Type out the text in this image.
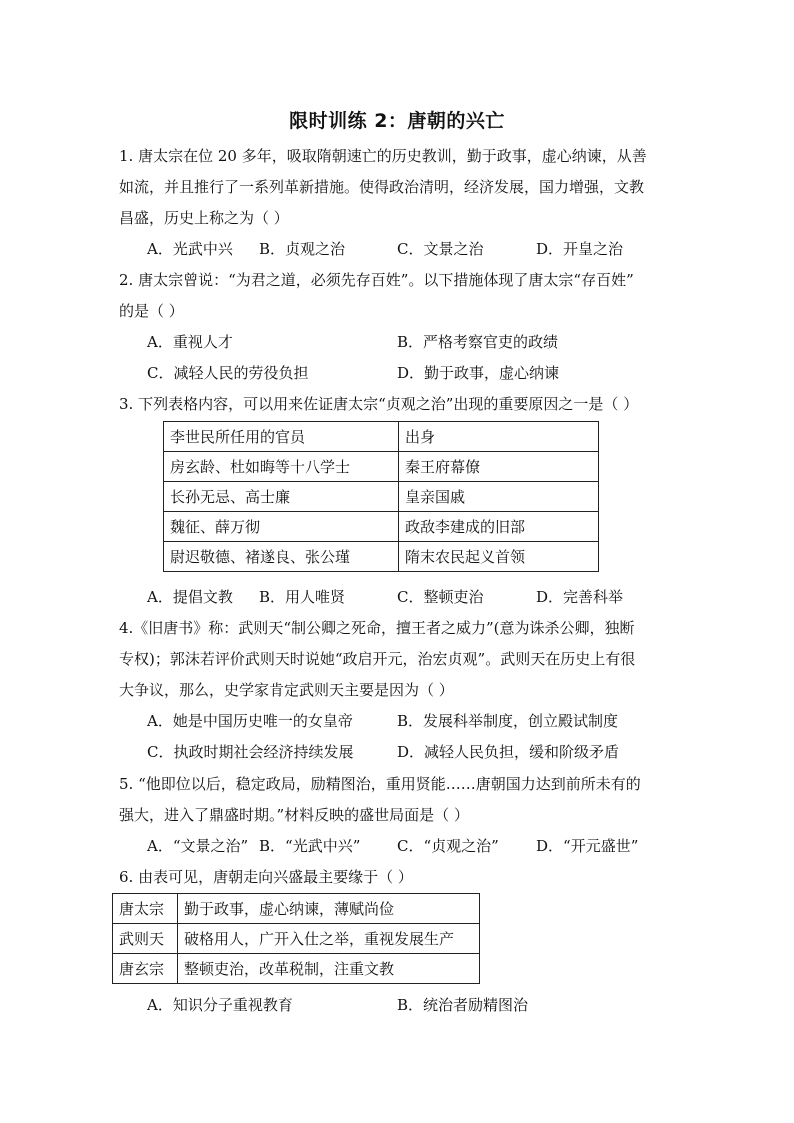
限时训练 2：唐朝的兴亡
1. 唐太宗在位 20 多年，吸取隋朝速亡的历史教训，勤于政事，虚心纳谏，从善
如流，并且推行了一系列革新措施。使得政治清明，经济发展，国力增强，文教
昌盛，历史上称之为（ ）
A．光武中兴 B．贞观之治	C．文景之治	D．开皇之治
2. 唐太宗曾说：“为君之道，必须先存百姓”。以下措施体现了唐太宗“存百姓”
的是（ ）
A．重视人才	B．严格考察官吏的政绩
C．减轻人民的劳役负担	D．勤于政事，虚心纳谏
3. 下列表格内容，可以用来佐证唐太宗“贞观之治”出现的重要原因之一是（ ）
李世民所任用的官员	出身
房玄龄、杜如晦等十八学士	秦王府幕僚
长孙无忌、高士廉	皇亲国戚
魏征、薛万彻	政敌李建成的旧部
尉迟敬德、褚遂良、张公瑾	隋末农民起义首领
A．提倡文教 B．用人唯贤	C．整顿吏治	D．完善科举
4.《旧唐书》称：武则天“制公卿之死命，擅王者之威力”(意为诛杀公卿，独断
专权)；郭沫若评价武则天时说她“政启开元，治宏贞观”。武则天在历史上有很
大争议，那么，史学家肯定武则天主要是因为（ ）
A．她是中国历史唯一的女皇帝	B．发展科举制度，创立殿试制度
C．执政时期社会经济持续发展	D．减轻人民负担，缓和阶级矛盾
5. “他即位以后，稳定政局，励精图治，重用贤能……唐朝国力达到前所未有的
强大，进入了鼎盛时期。”材料反映的盛世局面是（ ）
A．“文景之治” B．“光武中兴” C．“贞观之治” D．“开元盛世”
6. 由表可见，唐朝走向兴盛最主要缘于（ ）
唐太宗	勤于政事，虚心纳谏，薄赋尚俭
武则天	破格用人，广开入仕之举，重视发展生产
唐玄宗	整顿吏治，改革税制，注重文教
A．知识分子重视教育	B．统治者励精图治
